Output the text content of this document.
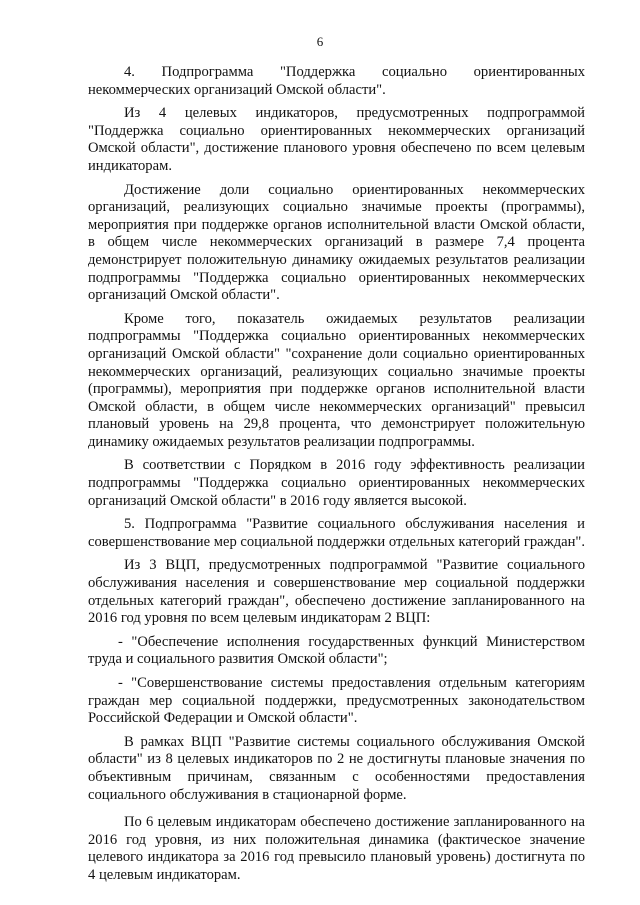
6

4. Подпрограмма "Поддержка социально ориентированных некоммерческих организаций Омской области".

Из 4 целевых индикаторов, предусмотренных подпрограммой "Поддержка социально ориентированных некоммерческих организаций Омской области", достижение планового уровня обеспечено по всем целевым индикаторам.

Достижение доли социально ориентированных некоммерческих организаций, реализующих социально значимые проекты (программы), мероприятия при поддержке органов исполнительной власти Омской области, в общем числе некоммерческих организаций в размере 7,4 процента демонстрирует положительную динамику ожидаемых результатов реализации подпрограммы "Поддержка социально ориентированных некоммерческих организаций Омской области".

Кроме того, показатель ожидаемых результатов реализации подпрограммы "Поддержка социально ориентированных некоммерческих организаций Омской области" "сохранение доли социально ориентированных некоммерческих организаций, реализующих социально значимые проекты (программы), мероприятия при поддержке органов исполнительной власти Омской области, в общем числе некоммерческих организаций" превысил плановый уровень на 29,8 процента, что демонстрирует положительную динамику ожидаемых результатов реализации подпрограммы.

В соответствии с Порядком в 2016 году эффективность реализации подпрограммы "Поддержка социально ориентированных некоммерческих организаций Омской области" в 2016 году является высокой.

5. Подпрограмма "Развитие социального обслуживания населения и совершенствование мер социальной поддержки отдельных категорий граждан".

Из 3 ВЦП, предусмотренных подпрограммой "Развитие социального обслуживания населения и совершенствование мер социальной поддержки отдельных категорий граждан", обеспечено достижение запланированного на 2016 год уровня по всем целевым индикаторам 2 ВЦП:

- "Обеспечение исполнения государственных функций Министерством труда и социального развития Омской области";

- "Совершенствование системы предоставления отдельным категориям граждан мер социальной поддержки, предусмотренных законодательством Российской Федерации и Омской области".

В рамках ВЦП "Развитие системы социального обслуживания Омской области" из 8 целевых индикаторов по 2 не достигнуты плановые значения по объективным причинам, связанным с особенностями предоставления социального обслуживания в стационарной форме.

По 6 целевым индикаторам обеспечено достижение запланированного на 2016 год уровня, из них положительная динамика (фактическое значение целевого индикатора за 2016 год превысило плановый уровень) достигнута по 4 целевым индикаторам.
